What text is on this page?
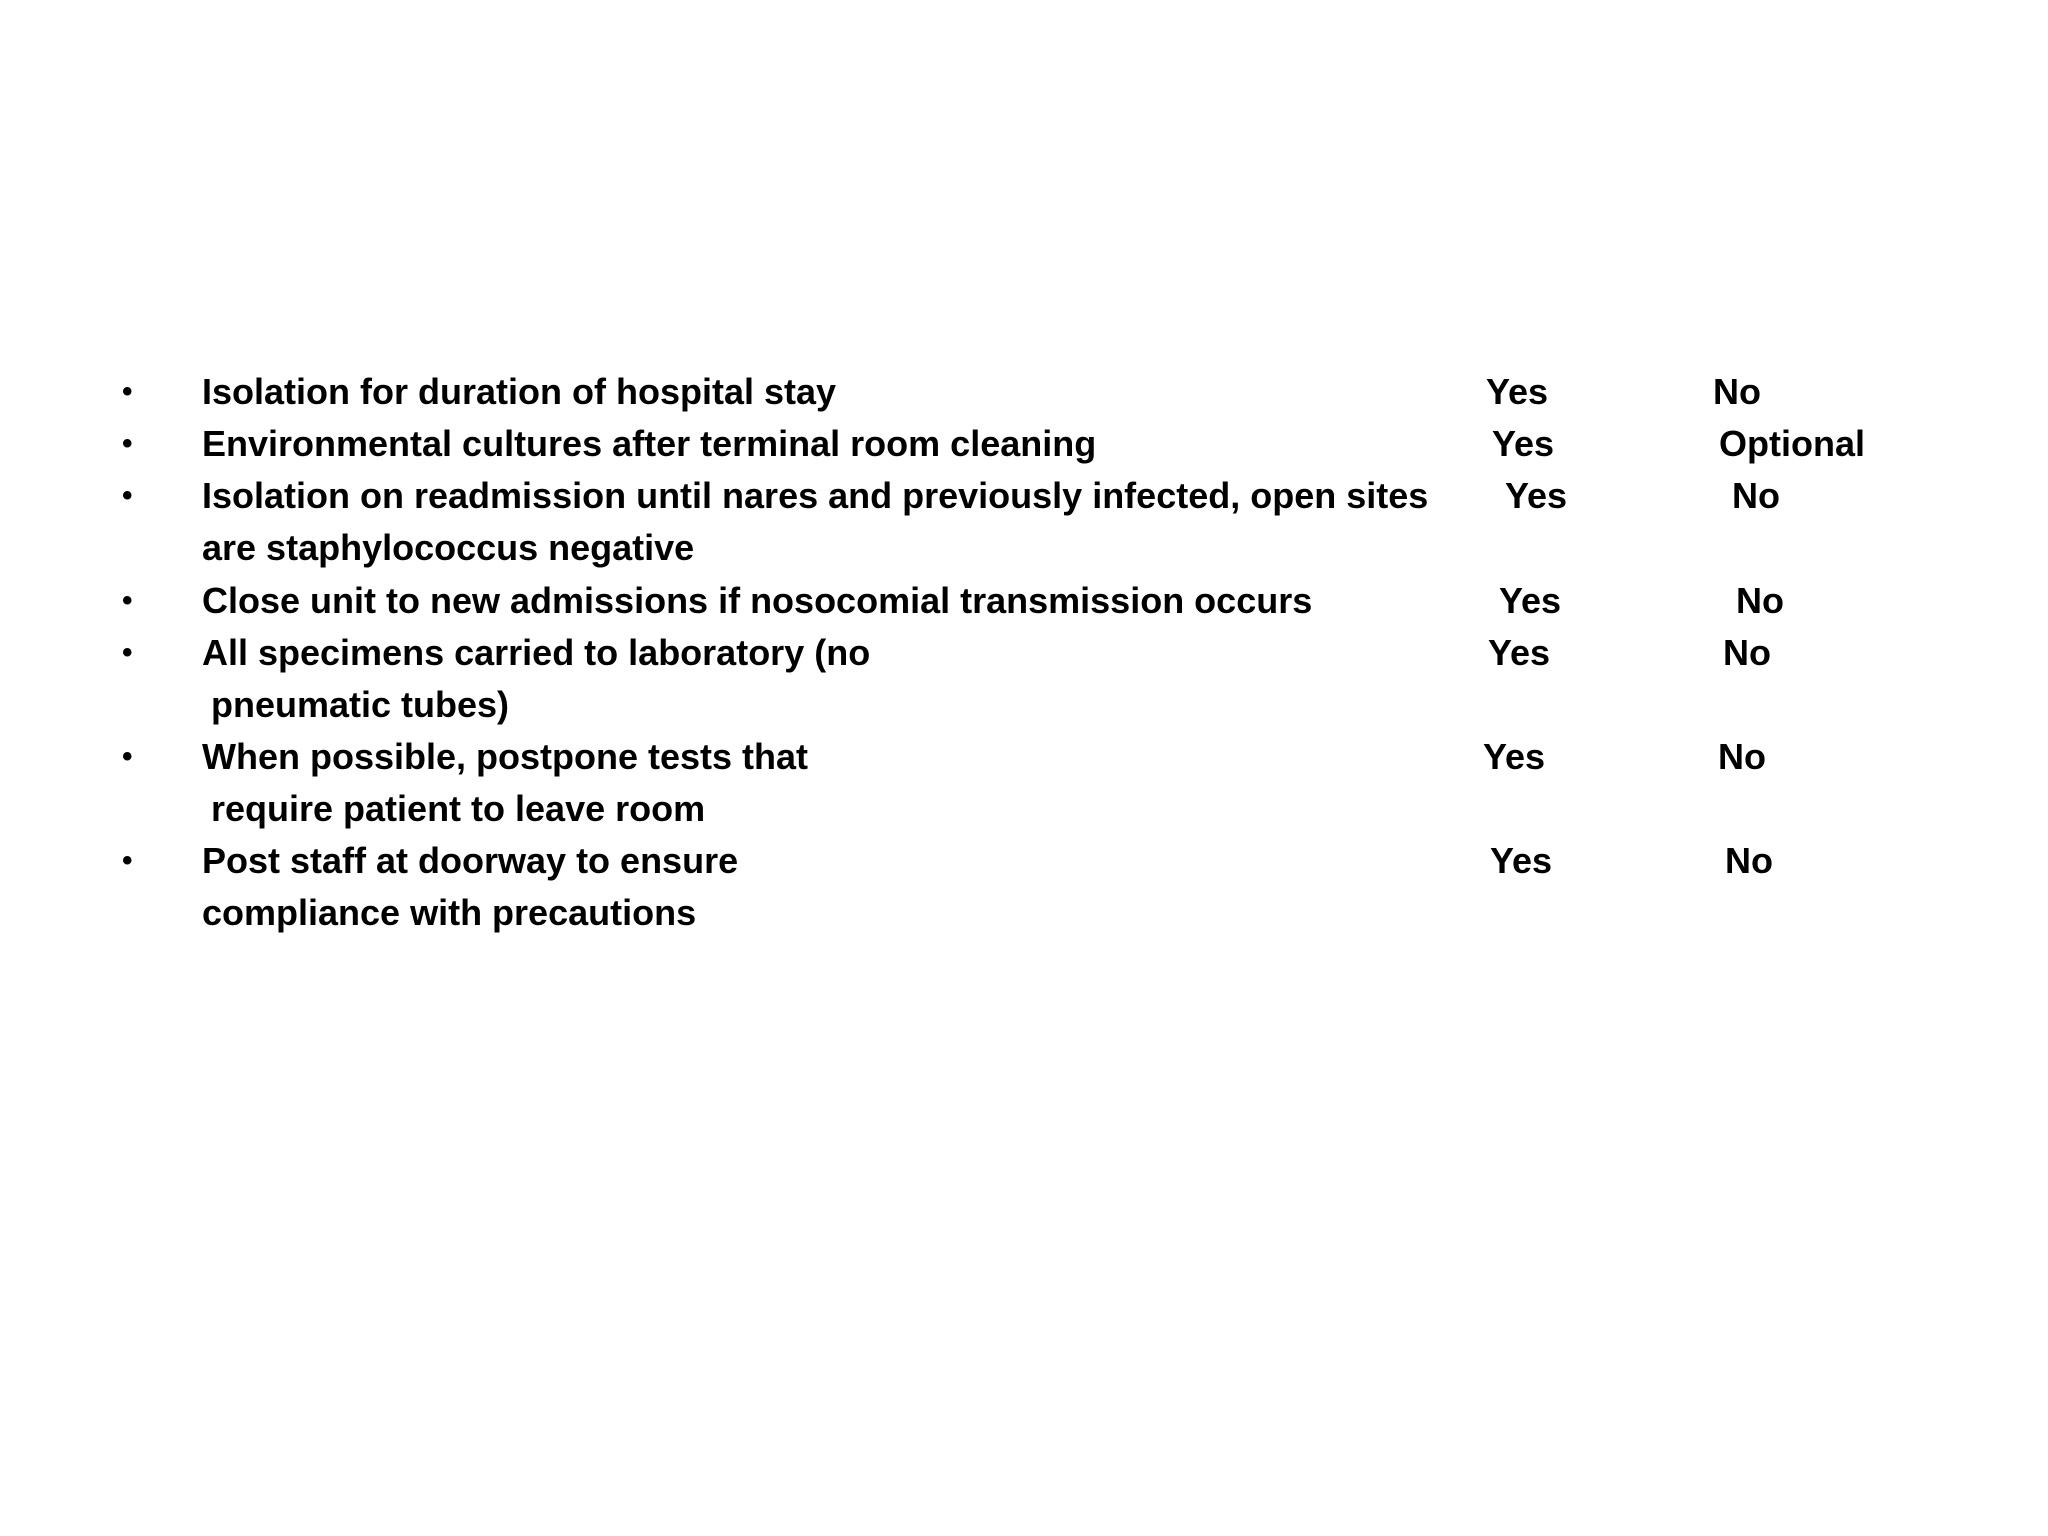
• Isolation for duration of hospital stay	Yes	No
• Environmental cultures after terminal room cleaning	Yes	Optional
• Isolation on readmission until nares and previously infected, open sites
are staphylococcus negative
Yes	No
• Close unit to new admissions if nosocomial transmission occurs	Yes	No
• All specimens carried to laboratory (no
pneumatic tubes)
Yes	No
• When possible, postpone tests that
require patient to leave room
Yes	No
• Post staff at doorway to ensure
compliance with precautions
Yes	No
